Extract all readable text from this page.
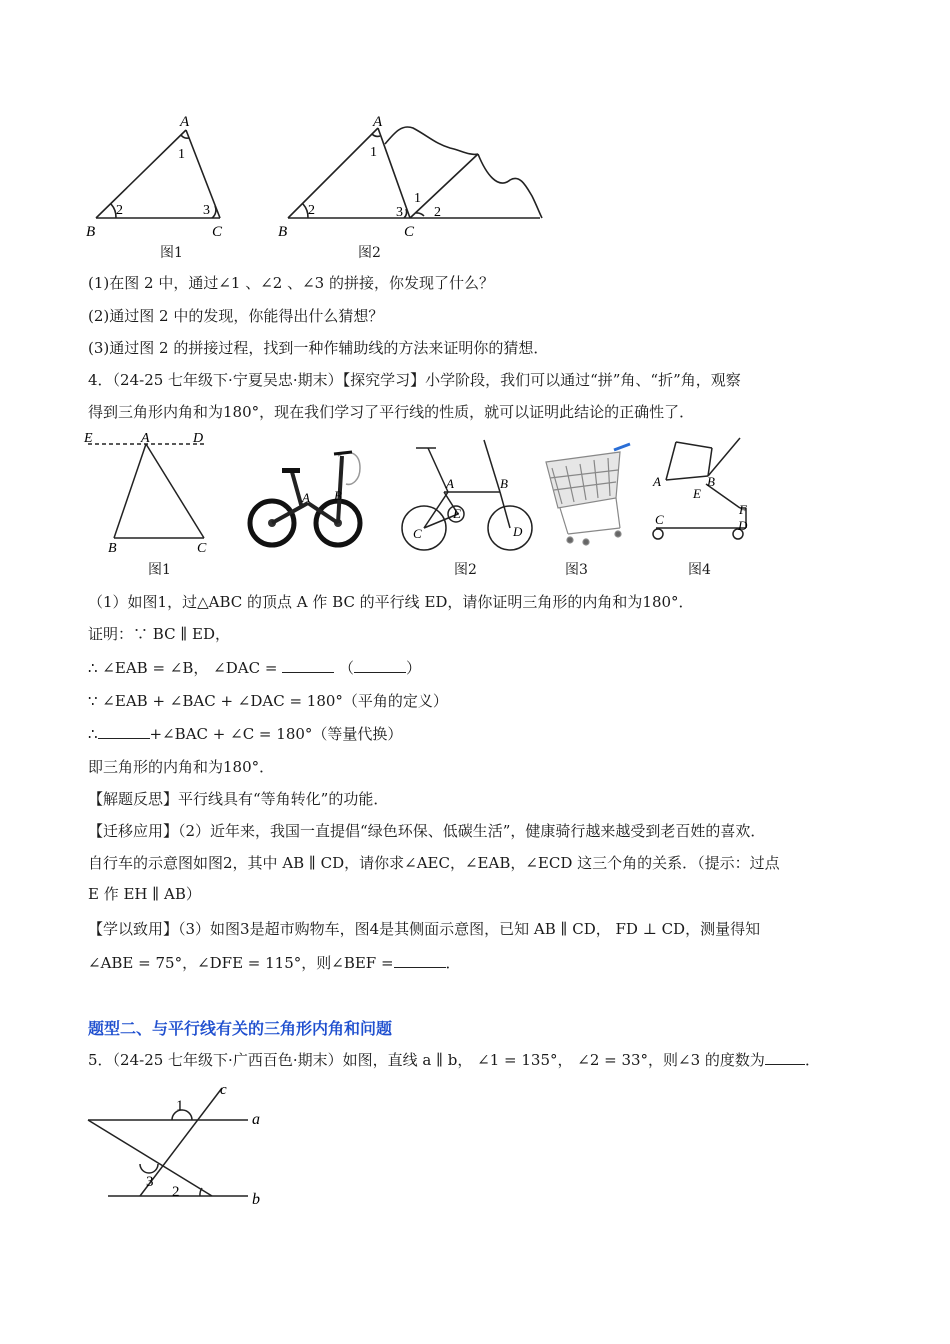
A
1
2	3
B	C
A
1
2	3
1
2
B	C
图1	图2
(1)在图 2 中，通过∠1 、∠2 、∠3 的拼接，你发现了什么？
(2)通过图 2 中的发现，你能得出什么猜想？
(3)通过图 2 的拼接过程，找到一种作辅助线的方法来证明你的猜想．
4．（24-25 七年级下·宁夏吴忠·期末）【探究学习】小学阶段，我们可以通过“拼”角、“折”角，观察
得到三角形内角和为180°，现在我们学习了平行线的性质，就可以证明此结论的正确性了．
E	A	D
B	C
A B
A	B
E
C	D
A	B
E
F
C	D
图1	图2	图3	图4
（1）如图1，过△ABC 的顶点 A 作 BC 的平行线 ED，请你证明三角形的内角和为180°．
证明：∵ BC ∥ ED，
∴ ∠EAB = ∠B， ∠DAC =	（	）
∵ ∠EAB + ∠BAC + ∠DAC = 180°（平角的定义）
∴	+∠BAC + ∠C = 180°（等量代换）
即三角形的内角和为180°．
【解题反思】平行线具有“等角转化”的功能．
【迁移应用】（2）近年来，我国一直提倡“绿色环保、低碳生活”，健康骑行越来越受到老百姓的喜欢．
自行车的示意图如图2，其中 AB ∥ CD，请你求∠AEC，∠EAB，∠ECD 这三个角的关系．（提示：过点
E 作 EH ∥ AB）
【学以致用】（3）如图3是超市购物车，图4是其侧面示意图，已知 AB ∥ CD， FD ⊥ CD，测量得知
∠ABE = 75°，∠DFE = 115°，则∠BEF =	．
题型二、与平行线有关的三角形内角和问题
5．（24-25 七年级下·广西百色·期末）如图，直线 a ∥ b， ∠1 = 135°， ∠2 = 33°，则∠3 的度数为	．
c
1
a
3
2	b
